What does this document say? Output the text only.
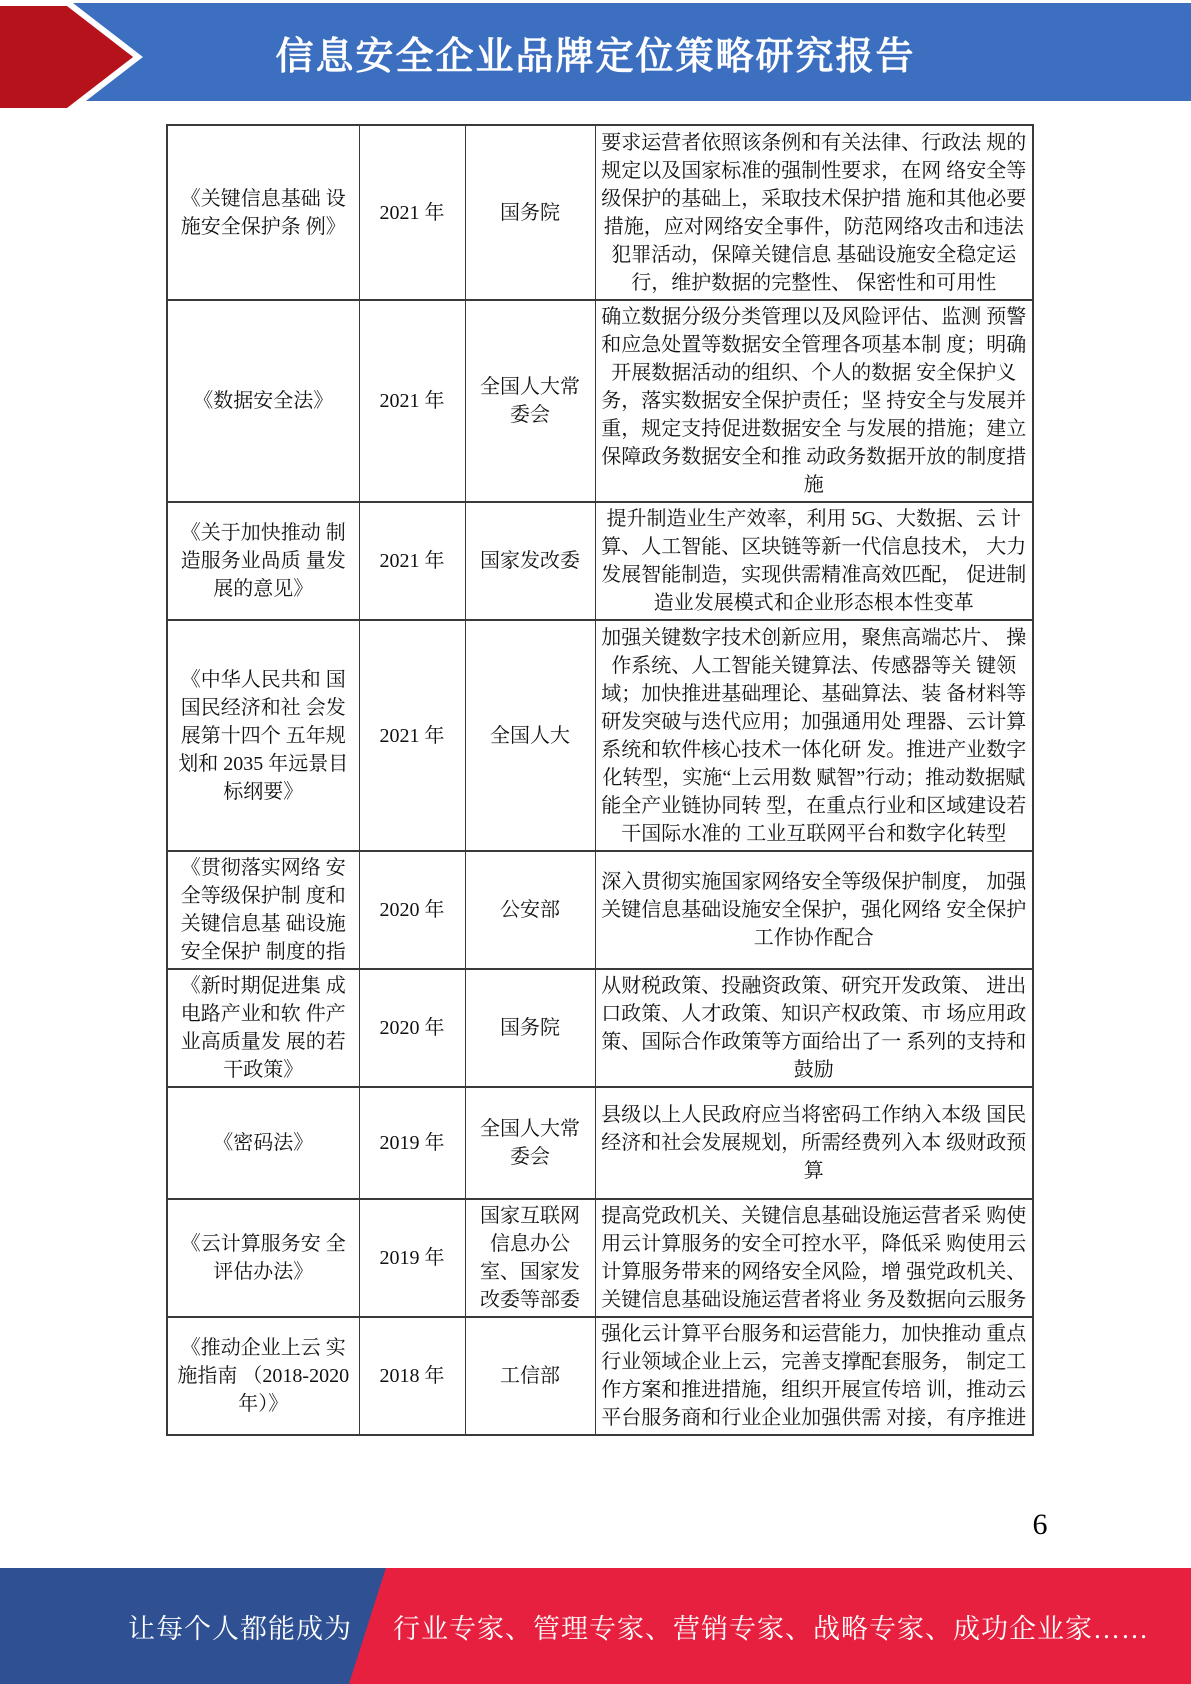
信息安全企业品牌定位策略研究报告
《关键信息基础 设施安全保护条 例》	2021 年	国务院	要求运营者依照该条例和有关法律、行政法 规的规定以及国家标准的强制性要求，在网 络安全等级保护的基础上，采取技术保护措 施和其他必要措施，应对网络安全事件，防范网络攻击和违法犯罪活动，保障关键信息 基础设施安全稳定运行，维护数据的完整性、 保密性和可用性
《数据安全法》	2021 年	全国人大常 委会	确立数据分级分类管理以及风险评估、监测 预警和应急处置等数据安全管理各项基本制 度；明确 开展数据活动的组织、个人的数据 安全保护义务，落实数据安全保护责任；坚 持安全与发展并重，规定支持促进数据安全 与发展的措施；建立保障政务数据安全和推 动政务数据开放的制度措施
《关于加快推动 制造服务业咼质 量发展的意见》	2021 年	国家发改委	提升制造业生产效率，利用 5G、大数据、云 计算、人工智能、区块链等新一代信息技术， 大力发展智能制造，实现供需精准高效匹配， 促进制造业发展模式和企业形态根本性变革
《中华人民共和 国国民经济和社 会发展第十四个 五年规划和 2035 年远景目标纲要》	2021 年	全国人大	加强关键数字技术创新应用，聚焦高端芯片、 操作系统、人工智能关键算法、传感器等关 键领域；加快推进基础理论、基础算法、装 备材料等研发突破与迭代应用；加强通用处 理器、云计算系统和软件核心技术一体化研 发。推进产业数字化转型，实施“上云用数 赋智”行动；推动数据赋能全产业链协同转 型，在重点行业和区域建设若干国际水准的 工业互联网平台和数字化转型
《贯彻落实网络 安全等级保护制 度和关键信息基 础设施安全保护 制度的指	2020 年	公安部	深入贯彻实施国家网络安全等级保护制度， 加强关键信息基础设施安全保护，强化网络 安全保护工作协作配合
《新时期促进集 成电路产业和软 件产业高质量发 展的若干政策》	2020 年	国务院	从财税政策、投融资政策、研究开发政策、 进出口政策、人才政策、知识产权政策、市 场应用政策、国际合作政策等方面给出了一 系列的支持和鼓励
《密码法》	2019 年	全国人大常 委会	县级以上人民政府应当将密码工作纳入本级 国民经济和社会发展规划，所需经费列入本 级财政预算
《云计算服务安 全评估办法》	2019 年	国家互联网 信息办公 室、国家发 改委等部委	提高党政机关、关键信息基础设施运营者采 购使用云计算服务的安全可控水平，降低采 购使用云计算服务带来的网络安全风险，增 强党政机关、关键信息基础设施运营者将业 务及数据向云服务
《推动企业上云 实施指南 （2018-2020 年）》	2018 年	工信部	强化云计算平台服务和运营能力，加快推动 重点行业领域企业上云，完善支撑配套服务， 制定工作方案和推进措施，组织开展宣传培 训，推动云平台服务商和行业企业加强供需 对接，有序推进
6
让每个人都能成为 行业专家、管理专家、营销专家、战略专家、成功企业家……
